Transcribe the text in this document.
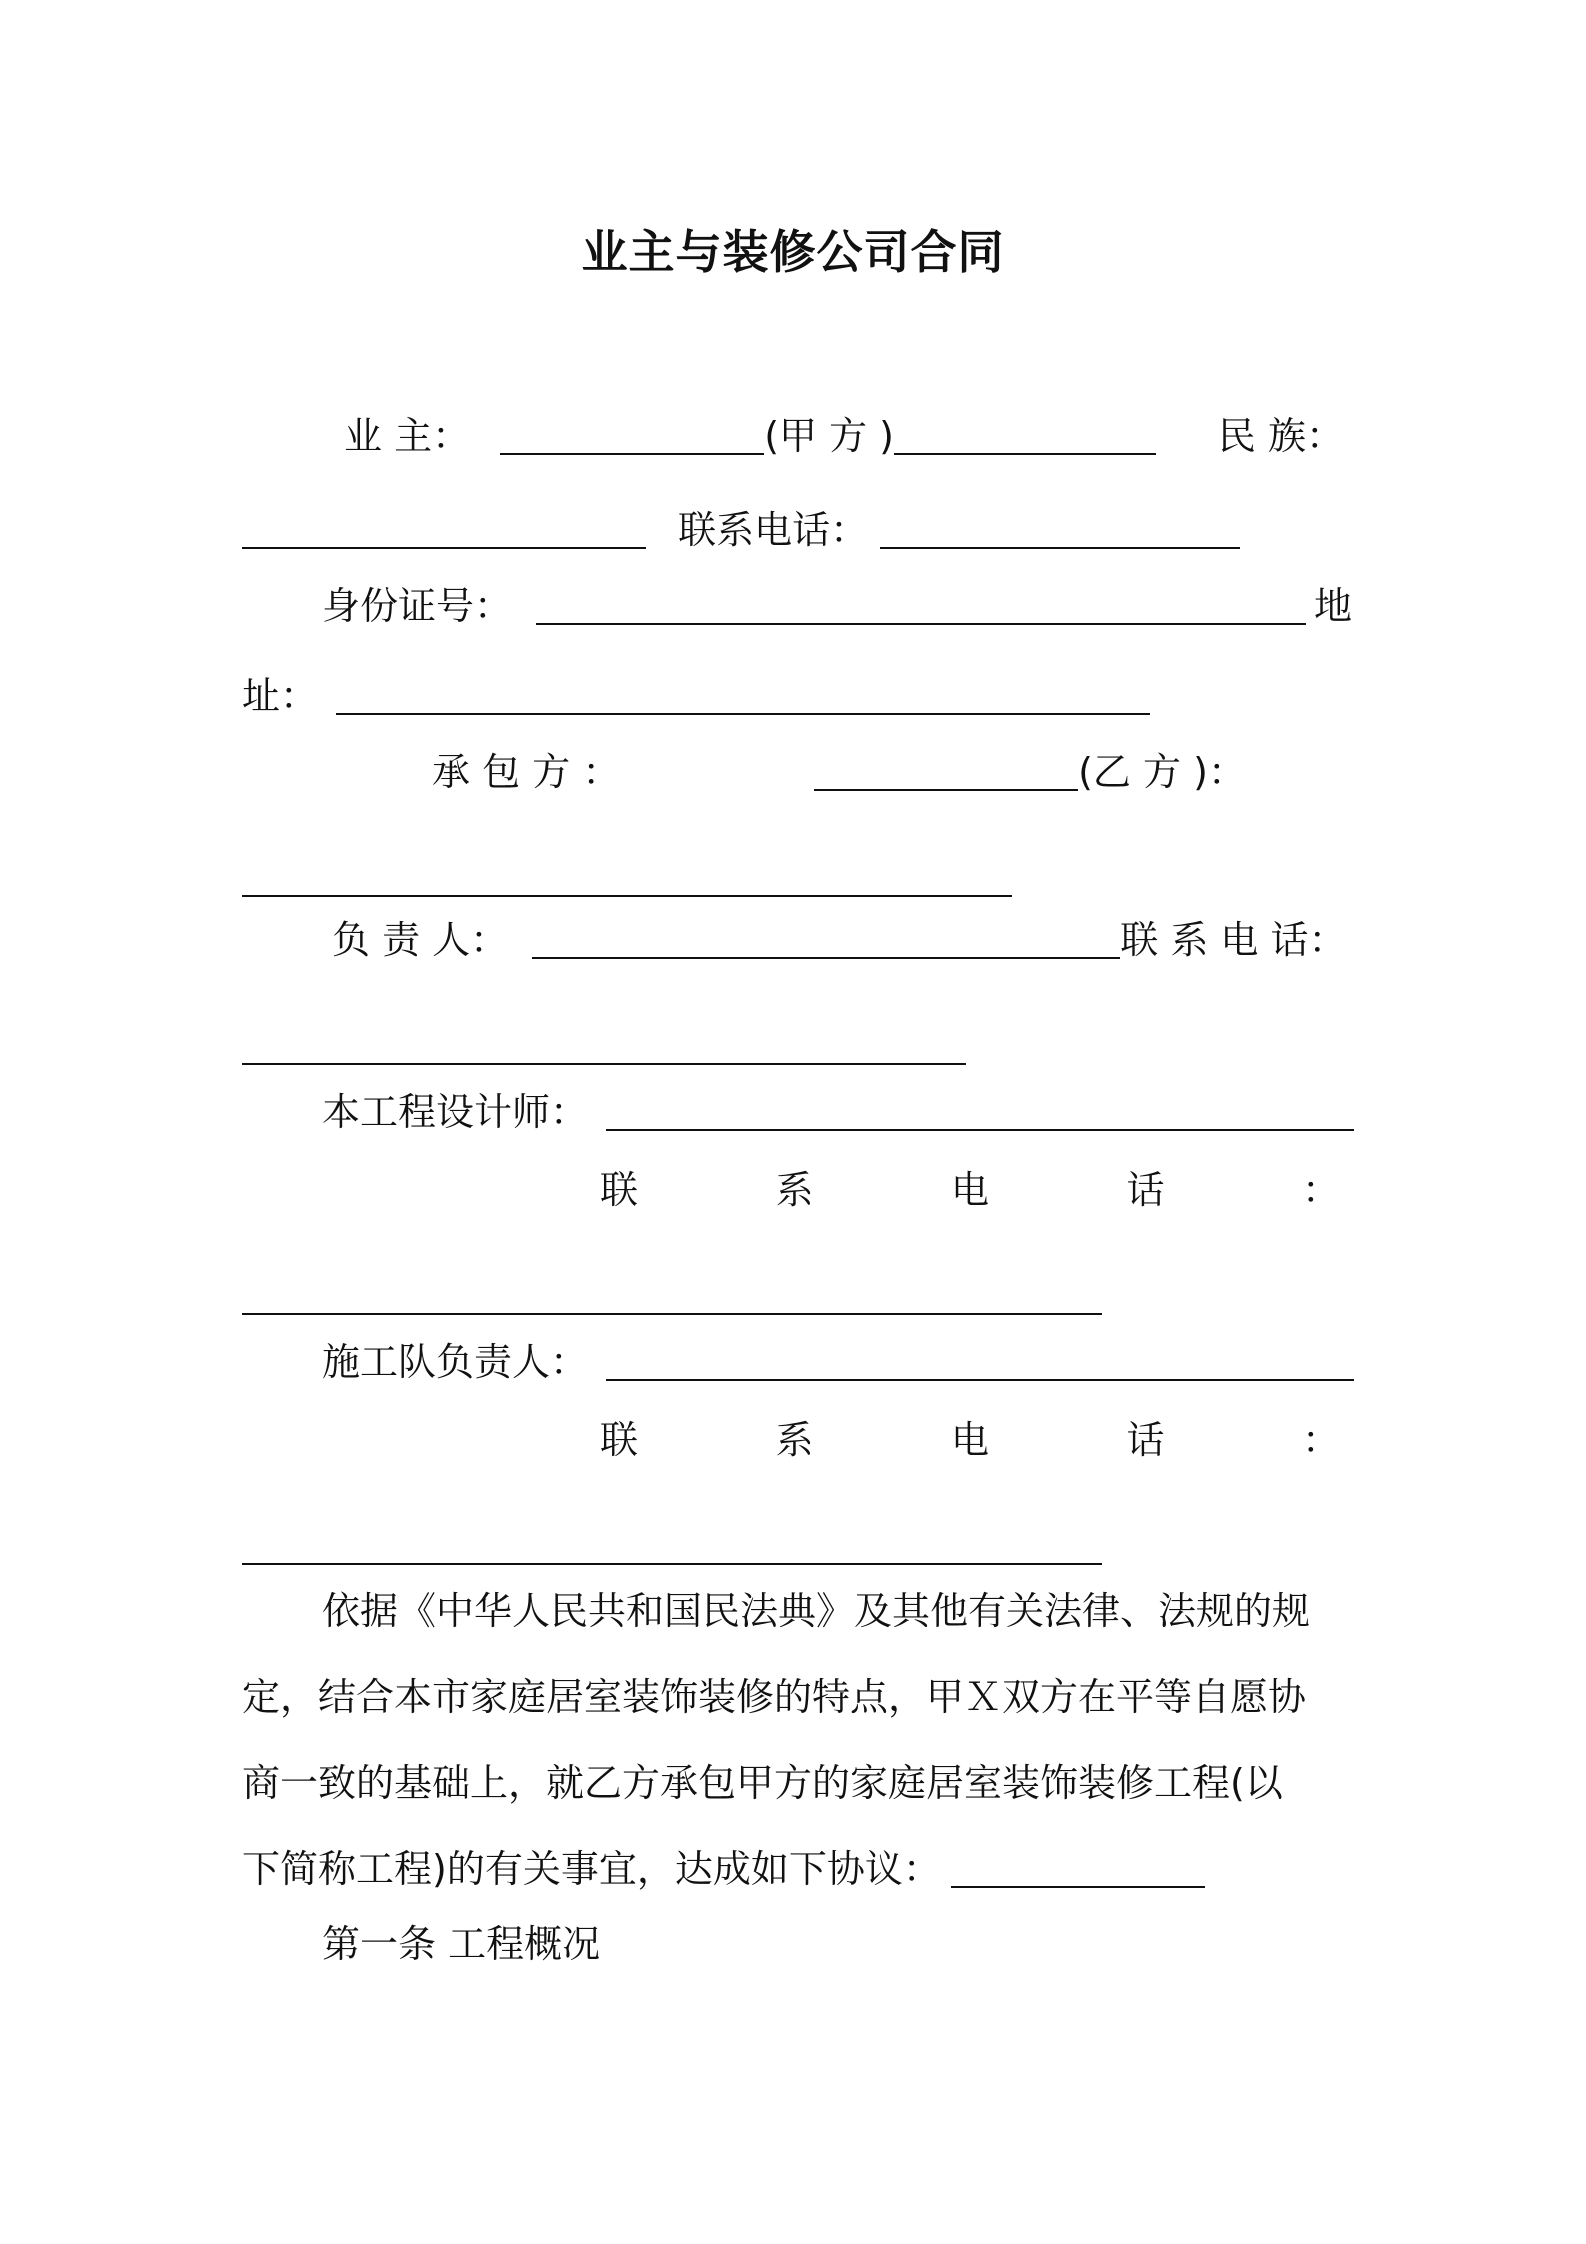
业主与装修公司合同
业 主：	(甲 方 )	民 族：
联系电话：
身份证号：	地
址：
承 包 方 ：	(乙 方 )：
负 责 人：	联 系 电 话：
本工程设计师：
联	系	电	话	：
施工队负责人：
联	系	电	话	：
依据《中华人民共和国民法典》及其他有关法律、法规的规
定，结合本市家庭居室装饰装修的特点，甲Ｘ双方在平等自愿协
商一致的基础上，就乙方承包甲方的家庭居室装饰装修工程(以
下简称工程)的有关事宜，达成如下协议：
第一条 工程概况
